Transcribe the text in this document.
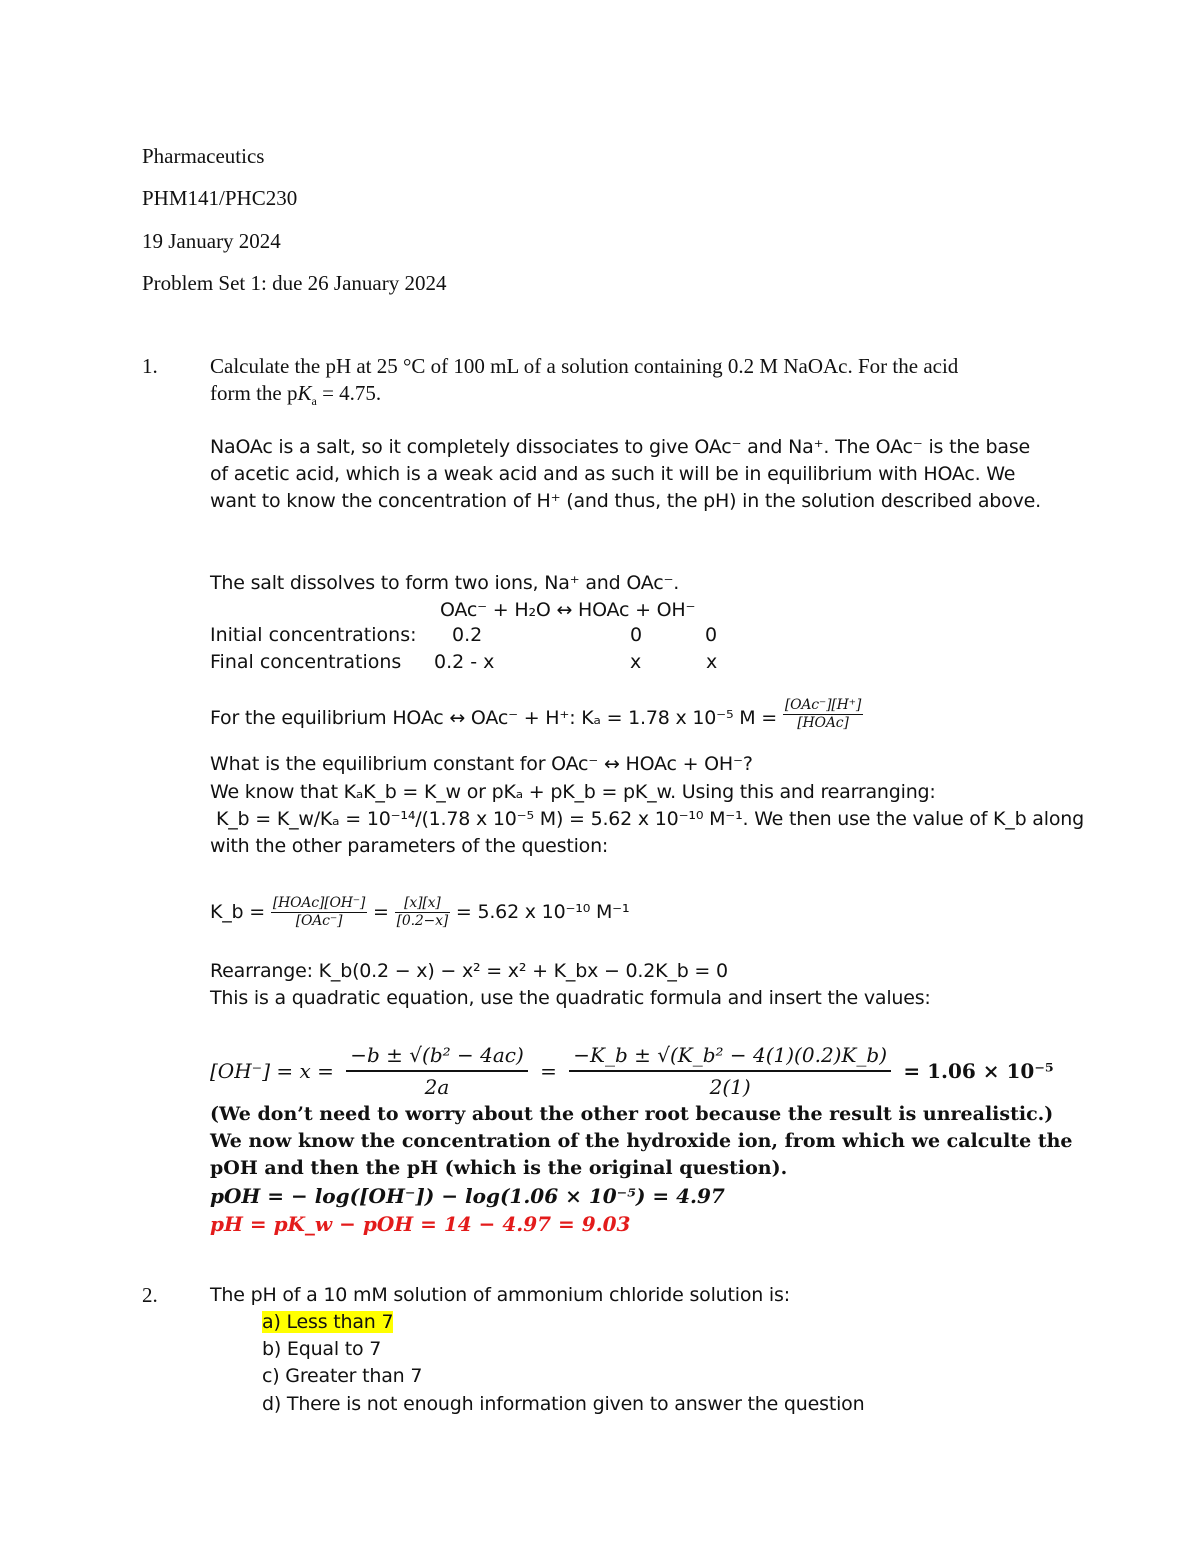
Pharmaceutics
PHM141/PHC230
19 January 2024
Problem Set 1: due 26 January 2024
1. Calculate the pH at 25 °C of 100 mL of a solution containing 0.2 M NaOAc. For the acid
form the $pK_a = 4.75$.
NaOAc is a salt, so it completely dissociates to give OAc⁻ and Na⁺. The OAc⁻ is the base
of acetic acid, which is a weak acid and as such it will be in equilibrium with HOAc. We
want to know the concentration of H⁺ (and thus, the pH) in the solution described above.
The salt dissolves to form two ions, Na⁺ and OAc⁻.
OAc⁻ + H₂O ↔ HOAc + OH⁻
Initial concentrations: 0.2	0	0
Final concentrations 0.2 - x	x	x
For the equilibrium HOAc ↔ OAc⁻ + H⁺: Kₐ = 1.78 x 10⁻⁵ $M = \frac{\text{[OAc⁻][H⁺]}}{\text{[HOAc]}}$
What is the equilibrium constant for OAc⁻ ↔ HOAc + OH⁻?
We know that KₐK_b = K_w or pKₐ + pK_b = pK_w. Using this and rearranging:
K_b = K_w/Kₐ = 10⁻¹⁴/(1.78 x 10⁻⁵ M) = 5.62 x 10⁻¹⁰ M⁻¹. We then use the value of K_b along
with the other parameters of the question:
K_b = $\frac{\text{[HOAc][OH⁻]}}{\text{[OAc⁻]}} = \frac{[x][x]}{[0.2-x]} = 5.62$ x 10⁻¹⁰ M⁻¹
Rearrange: K_b(0.2 − x) − x² = x² + K_bx − 0.2K_b = 0
This is a quadratic equation, use the quadratic formula and insert the values:
$[OH^-] = x = \frac{\text{−b ± √(b² − 4ac)}}{2a} = \frac{\text{−K\_b ± √(K\_b² − 4(1)(0.2)K\_b)}}{2(1)} = 1.06 \times 10^{-5}$
(We don’t need to worry about the other root because the result is unrealistic.)
We now know the concentration of the hydroxide ion, from which we calculte the
pOH and then the pH (which is the original question).
pOH = − log([OH⁻]) − log(1.06 × 10⁻⁵) = 4.97
pH = pK_w − pOH = 14 − 4.97 = 9.03
2.	The pH of a 10 mM solution of ammonium chloride solution is:
a) Less than 7
b) Equal to 7
c) Greater than 7
d) There is not enough information given to answer the question
